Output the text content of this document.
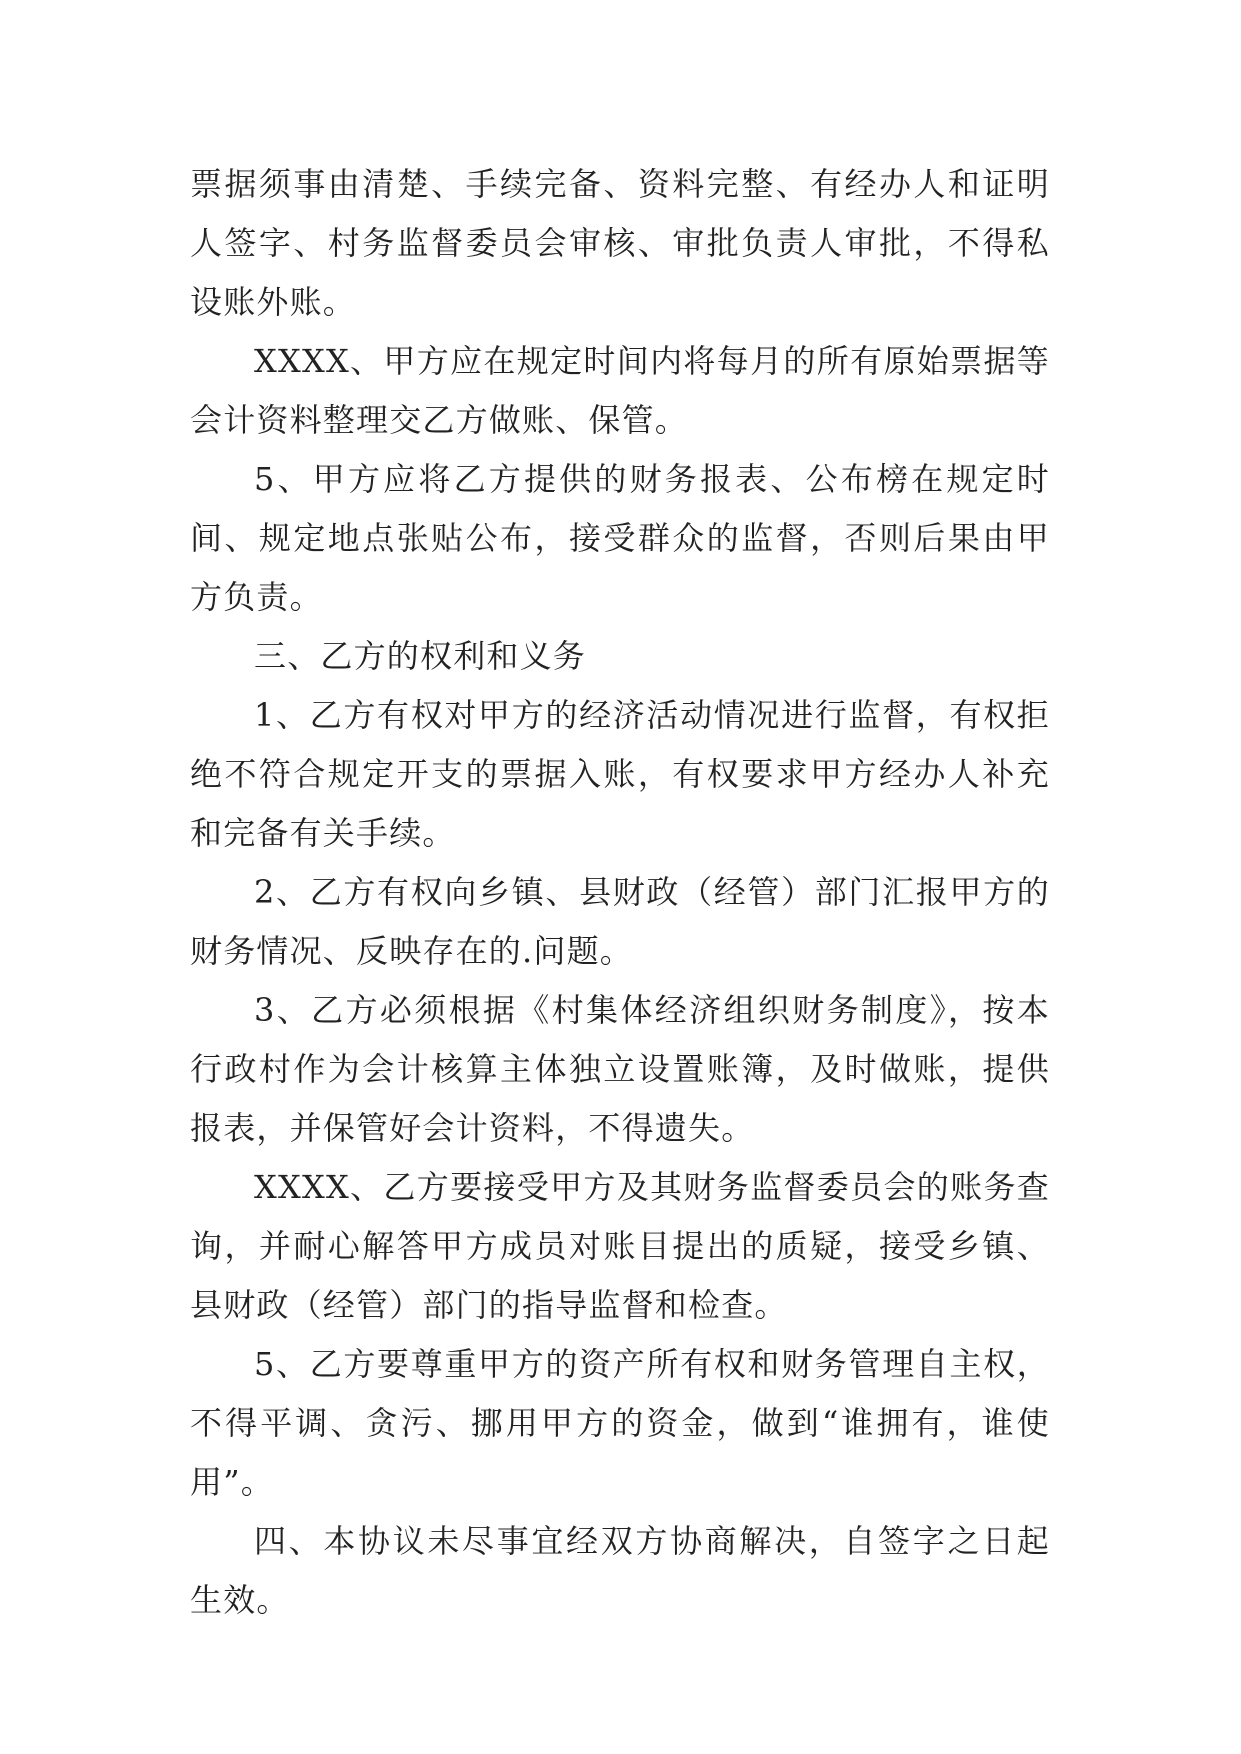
票据须事由清楚、手续完备、资料完整、有经办人和证明人签字、村务监督委员会审核、审批负责人审批，不得私设账外账。

XXXX、甲方应在规定时间内将每月的所有原始票据等会计资料整理交乙方做账、保管。

5、甲方应将乙方提供的财务报表、公布榜在规定时间、规定地点张贴公布，接受群众的监督，否则后果由甲方负责。

三、乙方的权利和义务

1、乙方有权对甲方的经济活动情况进行监督，有权拒绝不符合规定开支的票据入账，有权要求甲方经办人补充和完备有关手续。

2、乙方有权向乡镇、县财政（经管）部门汇报甲方的财务情况、反映存在的.问题。

3、乙方必须根据《村集体经济组织财务制度》，按本行政村作为会计核算主体独立设置账簿，及时做账，提供报表，并保管好会计资料，不得遗失。

XXXX、乙方要接受甲方及其财务监督委员会的账务查询，并耐心解答甲方成员对账目提出的质疑，接受乡镇、县财政（经管）部门的指导监督和检查。

5、乙方要尊重甲方的资产所有权和财务管理自主权，不得平调、贪污、挪用甲方的资金，做到“谁拥有，谁使用”。

四、本协议未尽事宜经双方协商解决，自签字之日起生效。
